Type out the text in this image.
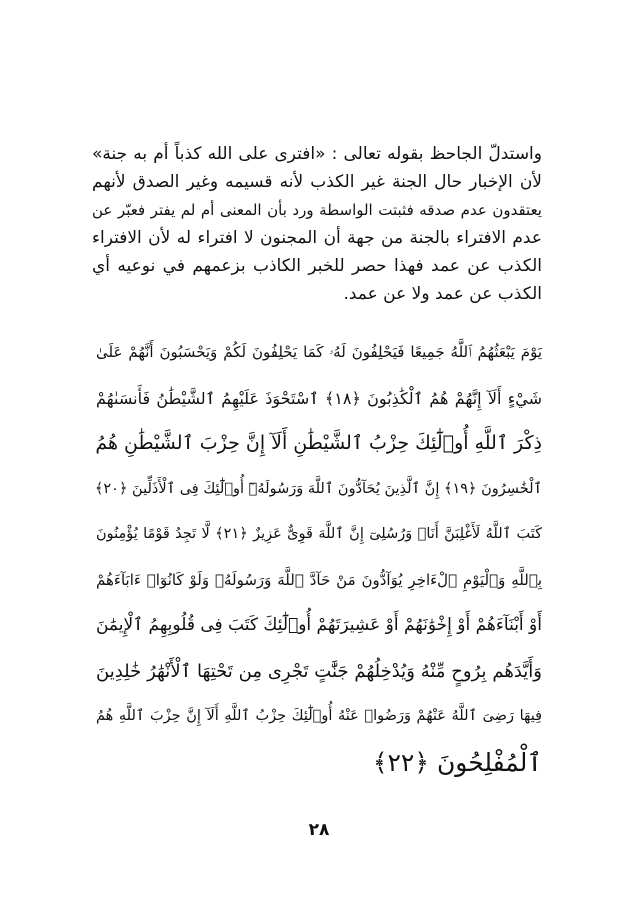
واستدلّ الجاحظ بقوله تعالى : «افترى على الله كذباً أم به جنة»
لأن الإخبار حال الجنة غير الكذب لأنه قسيمه وغير الصدق لأنهم
يعتقدون عدم صدقه فثبتت الواسطة ورد بأن المعنى أم لم يفتر فعبّر عن
عدم الافتراء بالجنة من جهة أن المجنون لا افتراء له لأن الافتراء
الكذب عن عمد فهذا حصر للخبر الكاذب بزعمهم في نوعيه أي
الكذب عن عمد ولا عن عمد.
يَوْمَ يَبْعَثُهُمُ ٱللَّهُ جَمِيعًا فَيَحْلِفُونَ لَهُۥ كَمَا يَحْلِفُونَ لَكُمْ وَيَحْسَبُونَ أَنَّهُمْ عَلَىٰ
شَيْءٍ أَلَآ إِنَّهُمْ هُمُ ٱلْكَٰذِبُونَ ﴿١٨﴾ ٱسْتَحْوَذَ عَلَيْهِمُ ٱلشَّيْطَٰنُ فَأَنسَىٰهُمْ
ذِكْرَ ٱللَّهِ أُو۟لَٰٓئِكَ حِزْبُ ٱلشَّيْطَٰنِ أَلَآ إِنَّ حِزْبَ ٱلشَّيْطَٰنِ هُمُ
ٱلْخَٰسِرُونَ ﴿١٩﴾ إِنَّ ٱلَّذِينَ يُحَآدُّونَ ٱللَّهَ وَرَسُولَهُۥٓ أُو۟لَٰٓئِكَ فِى ٱلْأَذَلِّينَ ﴿٢٠﴾
كَتَبَ ٱللَّهُ لَأَغْلِبَنَّ أَنَا۠ وَرُسُلِىٓ إِنَّ ٱللَّهَ قَوِىٌّ عَزِيزٌ ﴿٢١﴾ لَّا تَجِدُ قَوْمًا يُؤْمِنُونَ
بِٱللَّهِ وَٱلْيَوْمِ ٱلْءَاخِرِ يُوَآدُّونَ مَنْ حَآدَّ ٱللَّهَ وَرَسُولَهُۥ وَلَوْ كَانُوٓا۟ ءَابَآءَهُمْ
أَوْ أَبْنَآءَهُمْ أَوْ إِخْوَٰنَهُمْ أَوْ عَشِيرَتَهُمْ أُو۟لَٰٓئِكَ كَتَبَ فِى قُلُوبِهِمُ ٱلْإِيمَٰنَ
وَأَيَّدَهُم بِرُوحٍ مِّنْهُ وَيُدْخِلُهُمْ جَنَّٰتٍ تَجْرِى مِن تَحْتِهَا ٱلْأَنْهَٰرُ خَٰلِدِينَ
فِيهَا رَضِىَ ٱللَّهُ عَنْهُمْ وَرَضُوا۟ عَنْهُ أُو۟لَٰٓئِكَ حِزْبُ ٱللَّهِ أَلَآ إِنَّ حِزْبَ ٱللَّهِ هُمُ
ٱلْمُفْلِحُونَ ﴿٢٢﴾
٢٨
